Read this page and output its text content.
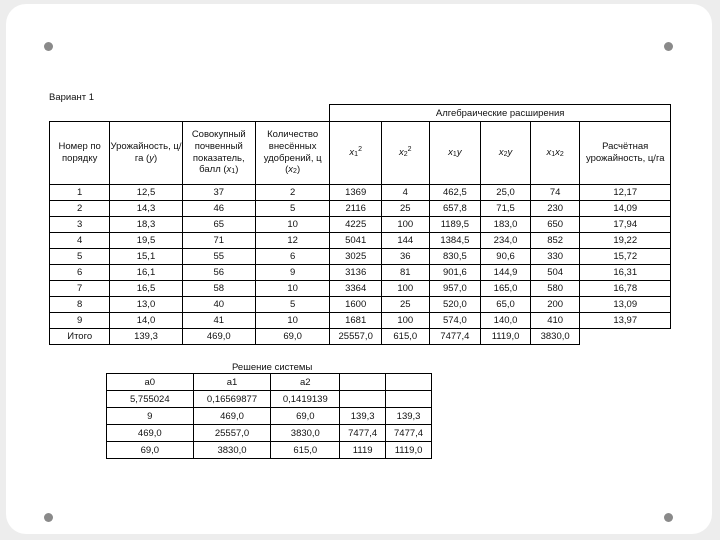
Вариант 1
				Алгебраические расширения					
Номер по порядку	Урожайность, ц/га (y)	Совокупный почвенный показатель, балл (x1)	Количество внесённых удобрений, ц (x2)	$x1^2$	$x2^2$	x1y	x2y	x1x2	Расчётная урожайность, ц/га
1	12,5	37	2	1369	4	462,5	25,0	74	12,17
2	14,3	46	5	2116	25	657,8	71,5	230	14,09
3	18,3	65	10	4225	100	1189,5	183,0	650	17,94
4	19,5	71	12	5041	144	1384,5	234,0	852	19,22
5	15,1	55	6	3025	36	830,5	90,6	330	15,72
6	16,1	56	9	3136	81	901,6	144,9	504	16,31
7	16,5	58	10	3364	100	957,0	165,0	580	16,78
8	13,0	40	5	1600	25	520,0	65,0	200	13,09
9	14,0	41	10	1681	100	574,0	140,0	410	13,97
Итого	139,3	469,0	69,0	25557,0	615,0	7477,4	1119,0	3830,0	
Решение системы
a0	a1	a2		
5,755024	0,16569877	0,1419139		
9	469,0	69,0	139,3	139,3
469,0	25557,0	3830,0	7477,4	7477,4
69,0	3830,0	615,0	1119	1119,0
